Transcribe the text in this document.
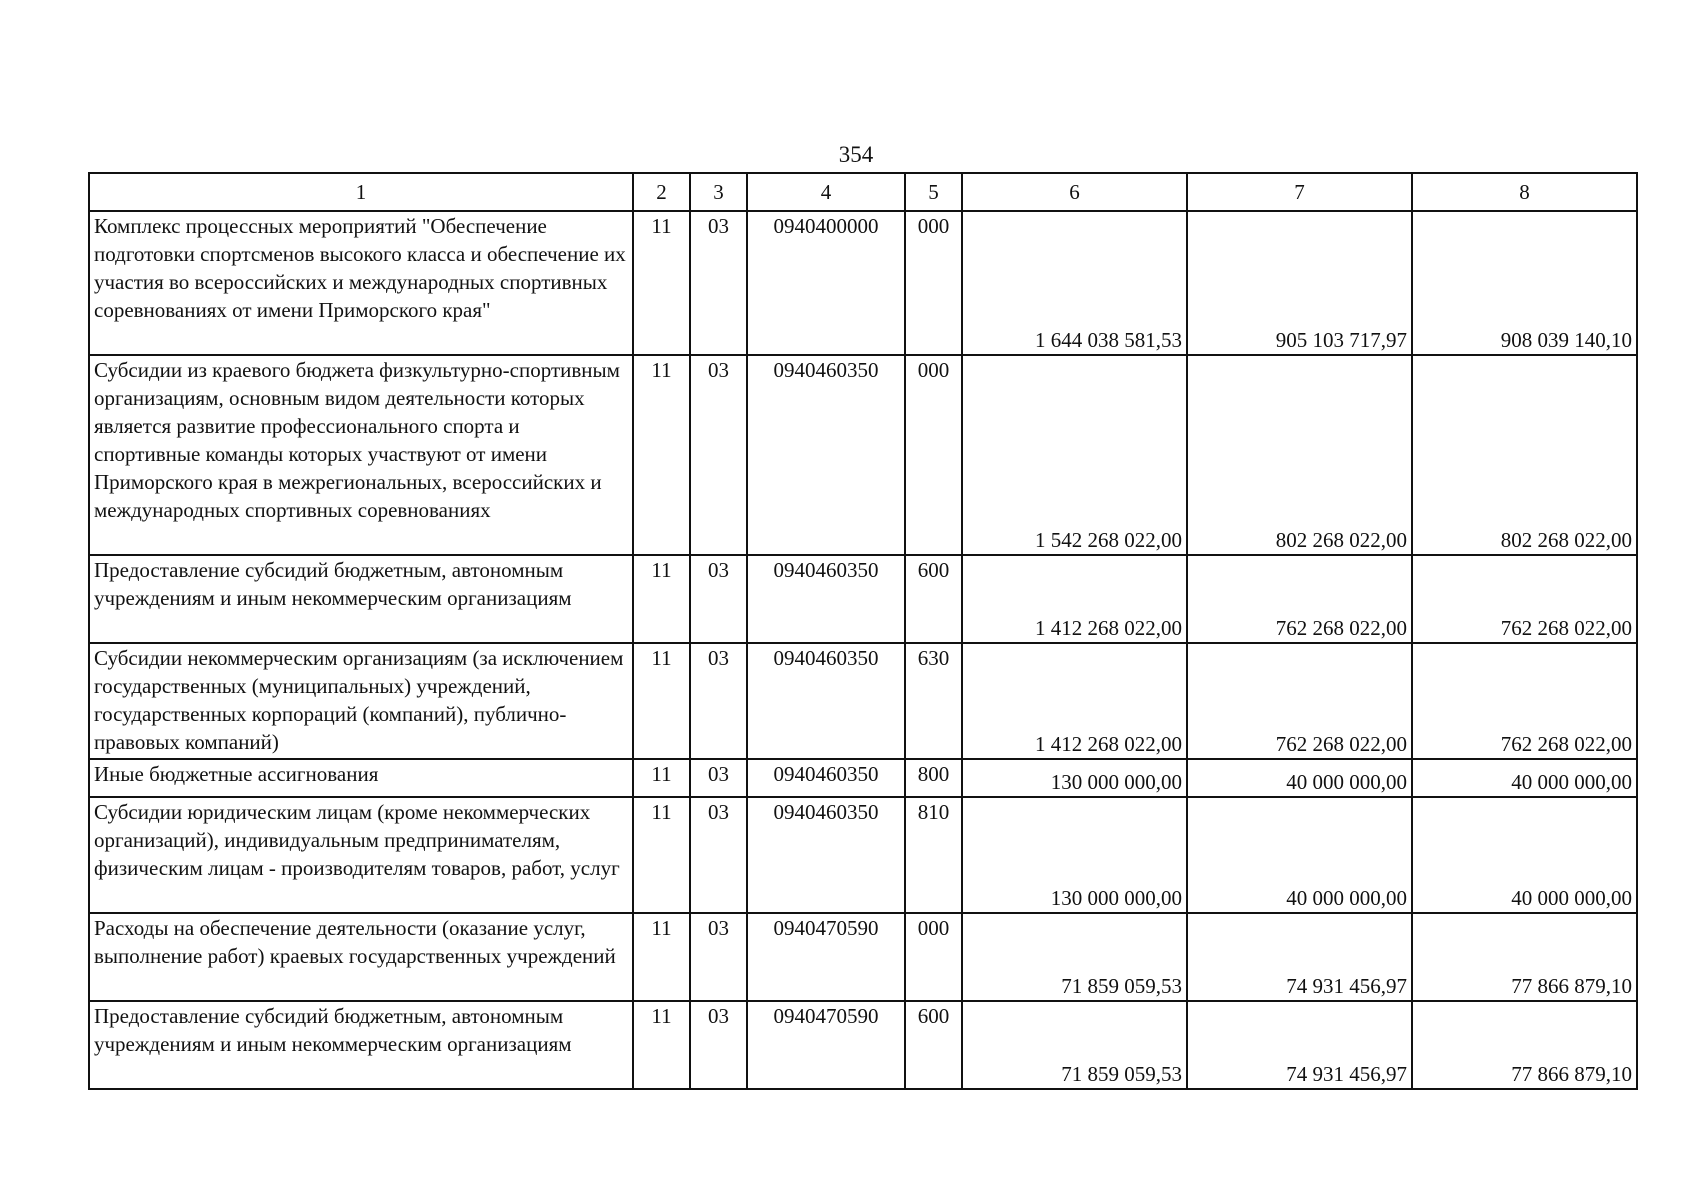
354
1	2	3	4	5	6	7	8
Комплекс процессных мероприятий "Обеспечение подготовки спортсменов высокого класса и обеспечение их участия во всероссийских и международных спортивных соревнованиях от имени Приморского края"	11	03	0940400000	000	1 644 038 581,53	905 103 717,97	908 039 140,10
Субсидии из краевого бюджета физкультурно-спортивным организациям, основным видом деятельности которых является развитие профессионального спорта и спортивные команды которых участвуют от имени Приморского края в межрегиональных, всероссийских и международных спортивных соревнованиях	11	03	0940460350	000	1 542 268 022,00	802 268 022,00	802 268 022,00
Предоставление субсидий бюджетным, автономным учреждениям и иным некоммерческим организациям	11	03	0940460350	600	1 412 268 022,00	762 268 022,00	762 268 022,00
Субсидии некоммерческим организациям (за исключением государственных (муниципальных) учреждений, государственных корпораций (компаний), публично-правовых компаний)	11	03	0940460350	630	1 412 268 022,00	762 268 022,00	762 268 022,00
Иные бюджетные ассигнования	11	03	0940460350	800	130 000 000,00	40 000 000,00	40 000 000,00
Субсидии юридическим лицам (кроме некоммерческих организаций), индивидуальным предпринимателям, физическим лицам - производителям товаров, работ, услуг	11	03	0940460350	810	130 000 000,00	40 000 000,00	40 000 000,00
Расходы на обеспечение деятельности (оказание услуг, выполнение работ) краевых государственных учреждений	11	03	0940470590	000	71 859 059,53	74 931 456,97	77 866 879,10
Предоставление субсидий бюджетным, автономным учреждениям и иным некоммерческим организациям	11	03	0940470590	600	71 859 059,53	74 931 456,97	77 866 879,10
